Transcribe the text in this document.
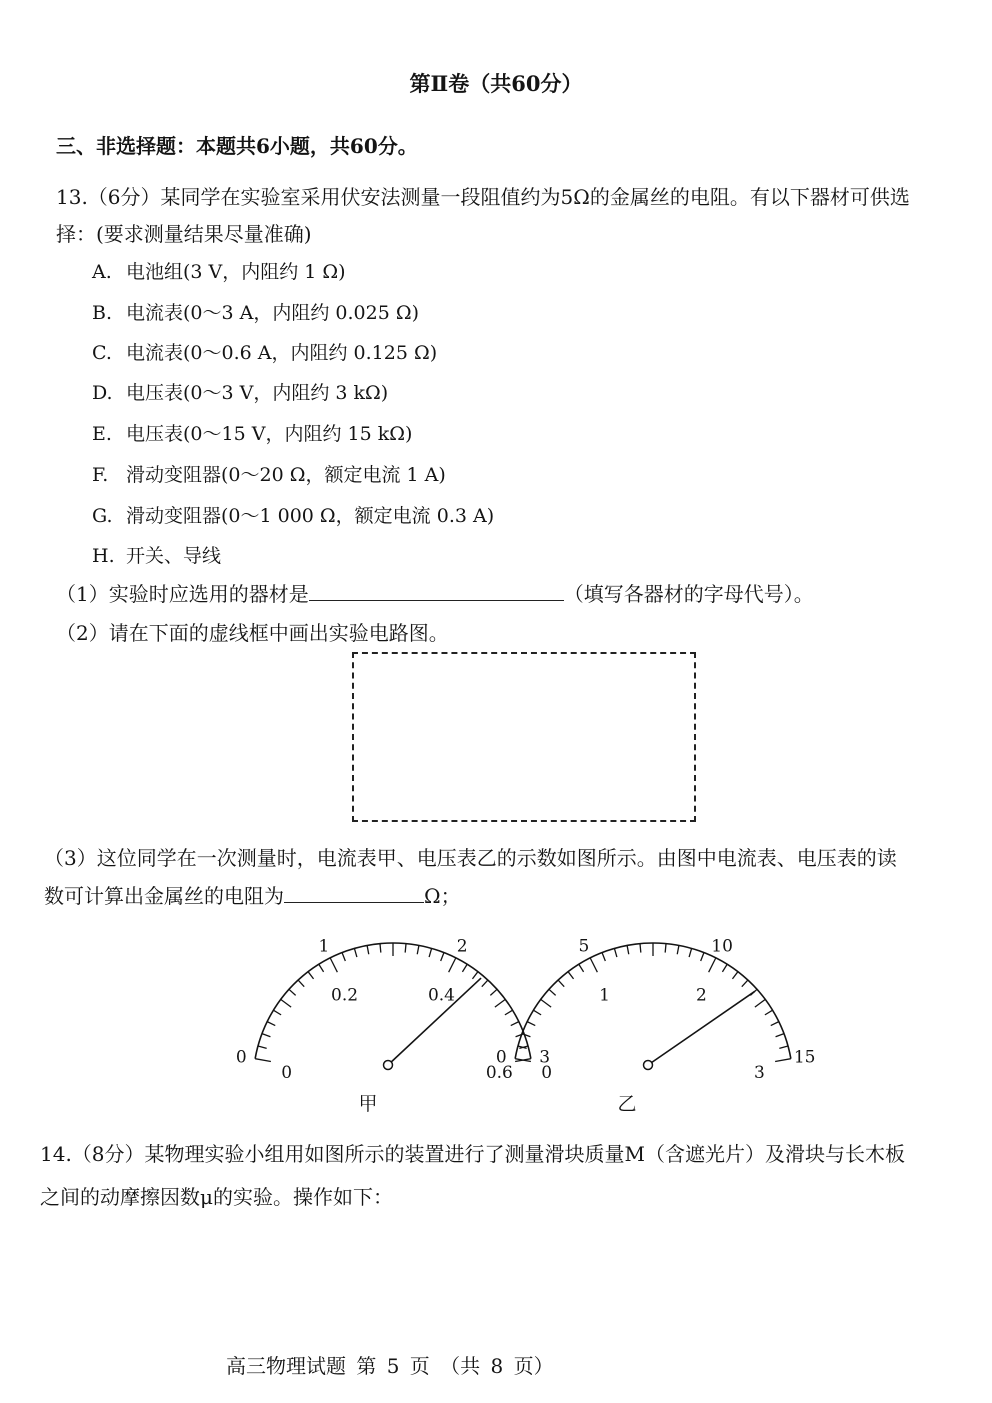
第Ⅱ卷（共60分）
三、非选择题：本题共6小题，共60分。
13.（6分）某同学在实验室采用伏安法测量一段阻值约为5Ω的金属丝的电阻。有以下器材可供选
择：(要求测量结果尽量准确)
A. 电池组(3 V，内阻约 1 Ω)
B. 电流表(0～3 A，内阻约 0.025 Ω)
C. 电流表(0～0.6 A，内阻约 0.125 Ω)
D. 电压表(0～3 V，内阻约 3 kΩ)
E. 电压表(0～15 V，内阻约 15 kΩ)
F. 滑动变阻器(0～20 Ω，额定电流 1 A)
G. 滑动变阻器(0～1 000 Ω，额定电流 0.3 A)
H. 开关、导线
（1）实验时应选用的器材是	（填写各器材的字母代号）。
（2）请在下面的虚线框中画出实验电路图。
（3）这位同学在一次测量时，电流表甲、电压表乙的示数如图所示。由图中电流表、电压表的读
数可计算出金属丝的电阻为	Ω；
0
1	2
3
0
0.2	0.4
0.6
甲
0
5	10
15
0
1	2
3
乙
14.（8分）某物理实验小组用如图所示的装置进行了测量滑块质量M（含遮光片）及滑块与长木板
之间的动摩擦因数μ的实验。操作如下：
高三物理试题 第 5 页 （共 8 页）
